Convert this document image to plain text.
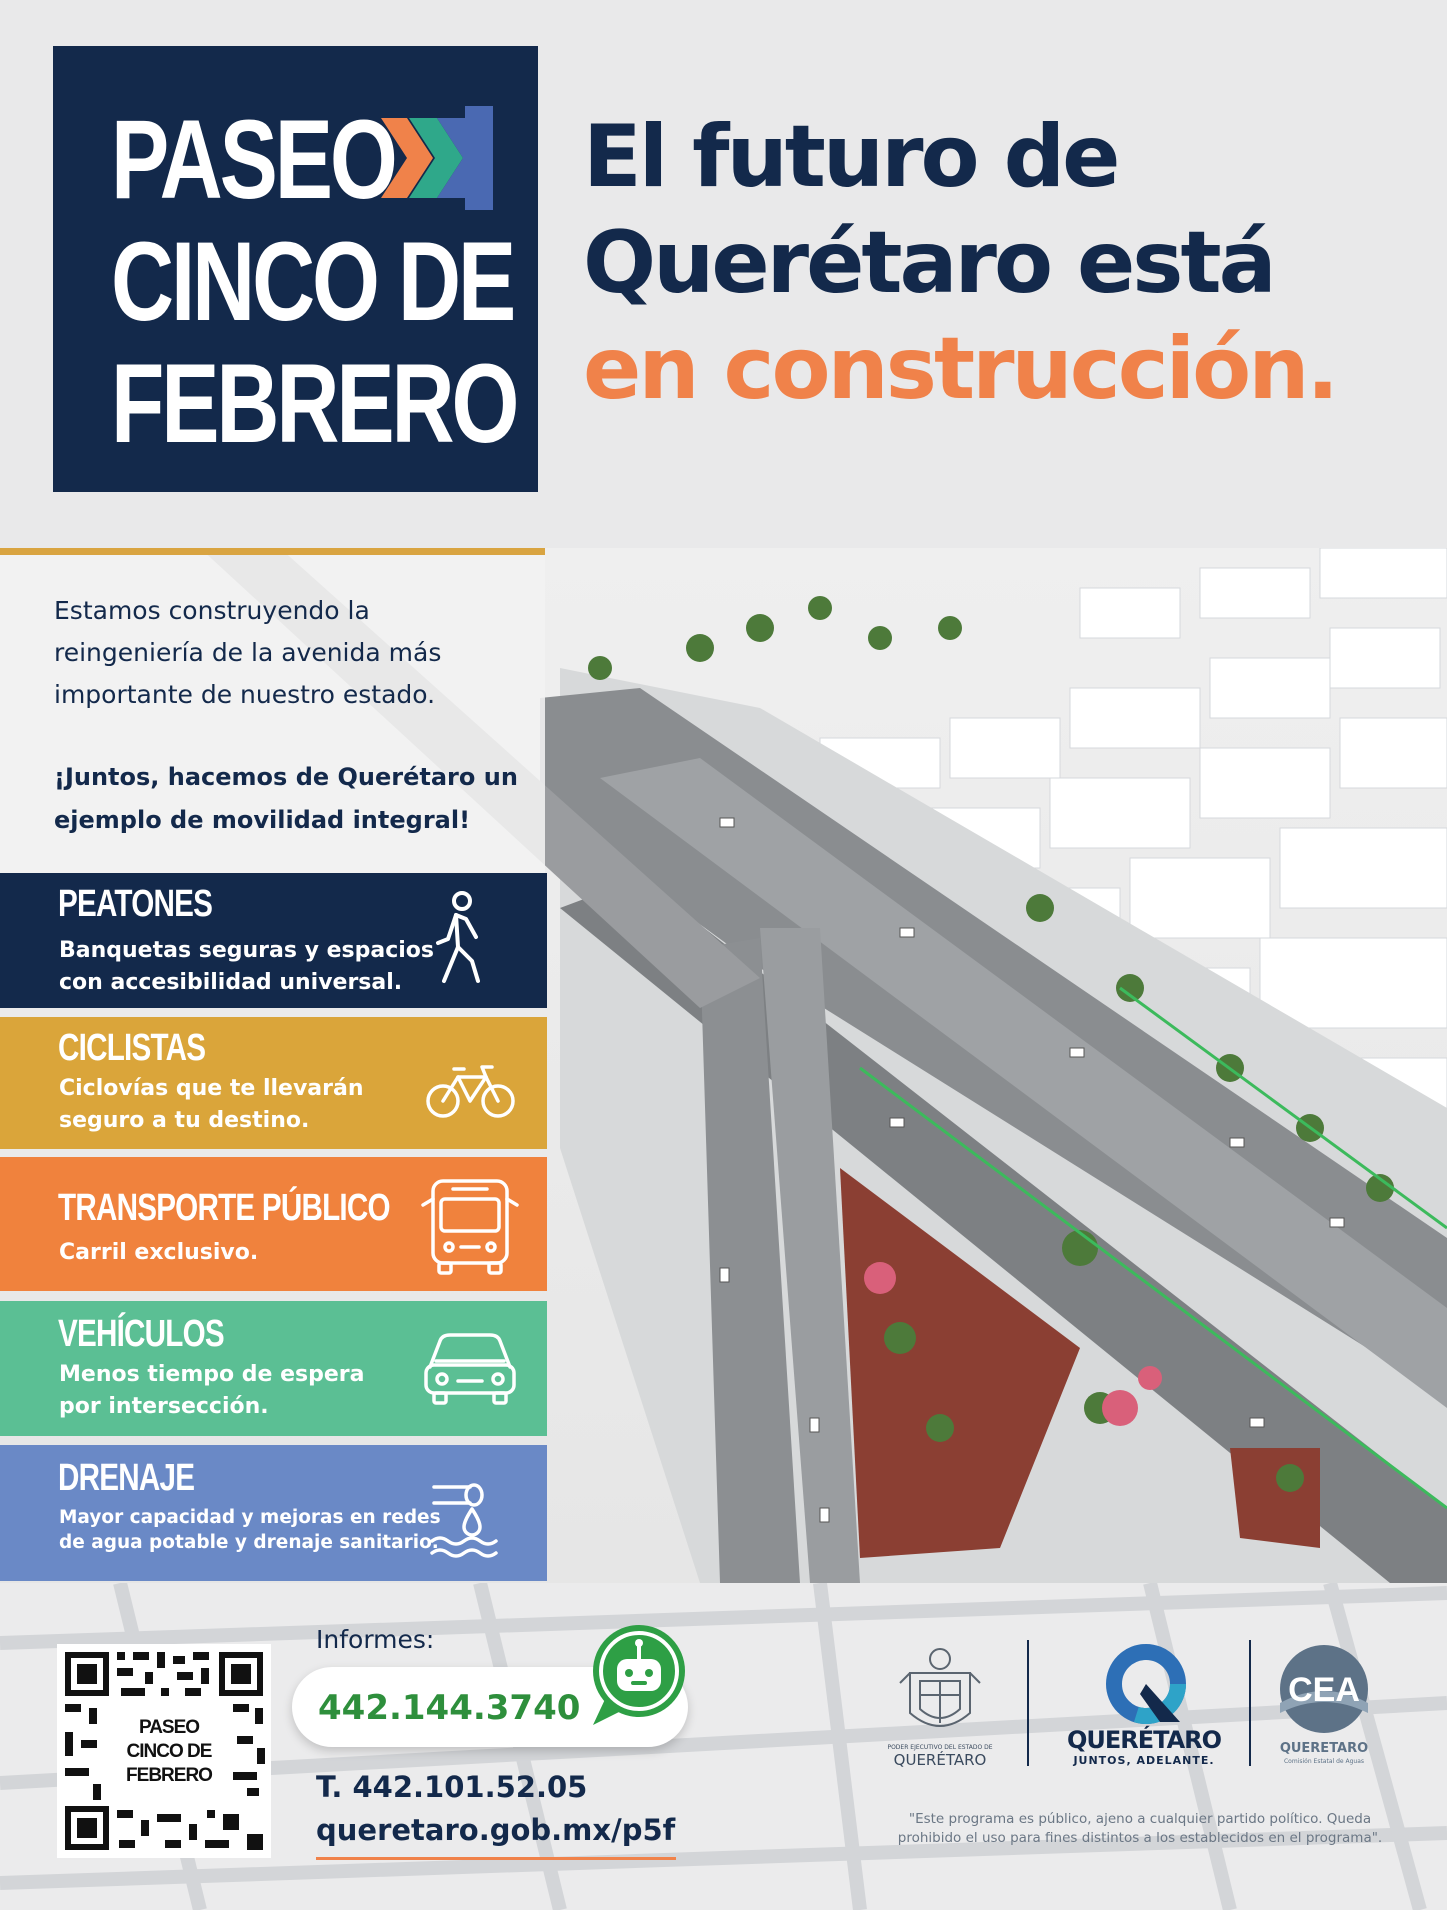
PASEO
CINCO DE
FEBRERO
El futuro de
Querétaro está
en construcción.
Estamos construyendo la reingeniería de la avenida más importante de nuestro estado.
¡Juntos, hacemos de Querétaro un ejemplo de movilidad integral!
PEATONES
Banquetas seguras y espacios
con accesibilidad universal.
CICLISTAS
Ciclovías que te llevarán
seguro a tu destino.
TRANSPORTE PÚBLICO
Carril exclusivo.
VEHÍCULOS
Menos tiempo de espera
por intersección.
DRENAJE
Mayor capacidad y mejoras en redes
de agua potable y drenaje sanitario.
PASEO
CINCO DE
FEBRERO
Informes:
442.144.3740
T. 442.101.52.05
queretaro.gob.mx/p5f
PODER EJECUTIVO DEL ESTADO DE
QUERÉTARO
QUERÉTARO
JUNTOS, ADELANTE.
CEA
QUERETARO
Comisión Estatal de Aguas
"Este programa es público, ajeno a cualquier partido político. Queda prohibido el uso para fines distintos a los establecidos en el programa".
